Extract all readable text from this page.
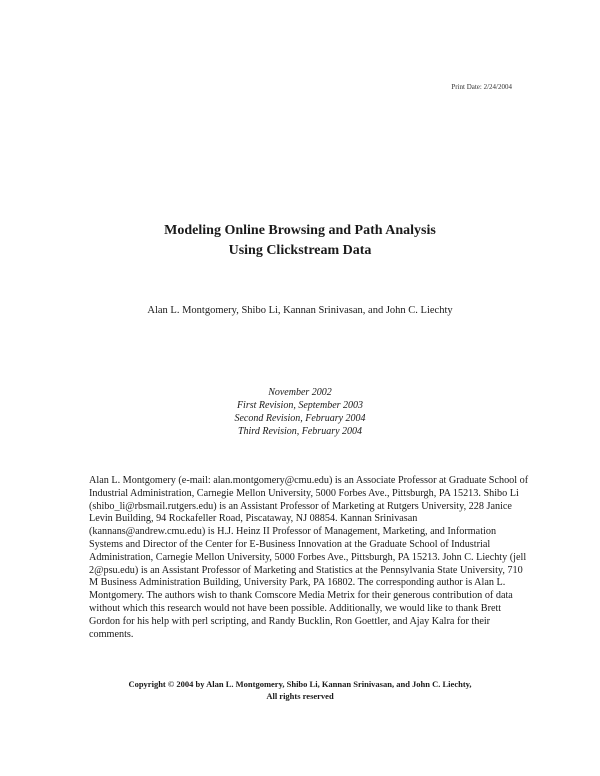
Print Date: 2/24/2004
Modeling Online Browsing and Path Analysis
Using Clickstream Data
Alan L. Montgomery, Shibo Li, Kannan Srinivasan, and John C. Liechty
November 2002
First Revision, September 2003
Second Revision, February 2004
Third Revision, February 2004

Alan L. Montgomery (e-mail: alan.montgomery@cmu.edu) is an Associate Professor at Graduate School of Industrial Administration, Carnegie Mellon University, 5000 Forbes Ave., Pittsburgh, PA 15213. Shibo Li (shibo_li@rbsmail.rutgers.edu) is an Assistant Professor of Marketing at Rutgers University, 228 Janice Levin Building, 94 Rockafeller Road, Piscataway, NJ 08854. Kannan Srinivasan (kannans@andrew.cmu.edu) is H.J. Heinz II Professor of Management, Marketing, and Information Systems and Director of the Center for E-Business Innovation at the Graduate School of Industrial Administration, Carnegie Mellon University, 5000 Forbes Ave., Pittsburgh, PA 15213. John C. Liechty (jell 2@psu.edu) is an Assistant Professor of Marketing and Statistics at the Pennsylvania State University, 710 M Business Administration Building, University Park, PA 16802. The corresponding author is Alan L. Montgomery. The authors wish to thank Comscore Media Metrix for their generous contribution of data without which this research would not have been possible. Additionally, we would like to thank Brett Gordon for his help with perl scripting, and Randy Bucklin, Ron Goettler, and Ajay Kalra for their comments.

Copyright © 2004 by Alan L. Montgomery, Shibo Li, Kannan Srinivasan, and John C. Liechty,
All rights reserved
